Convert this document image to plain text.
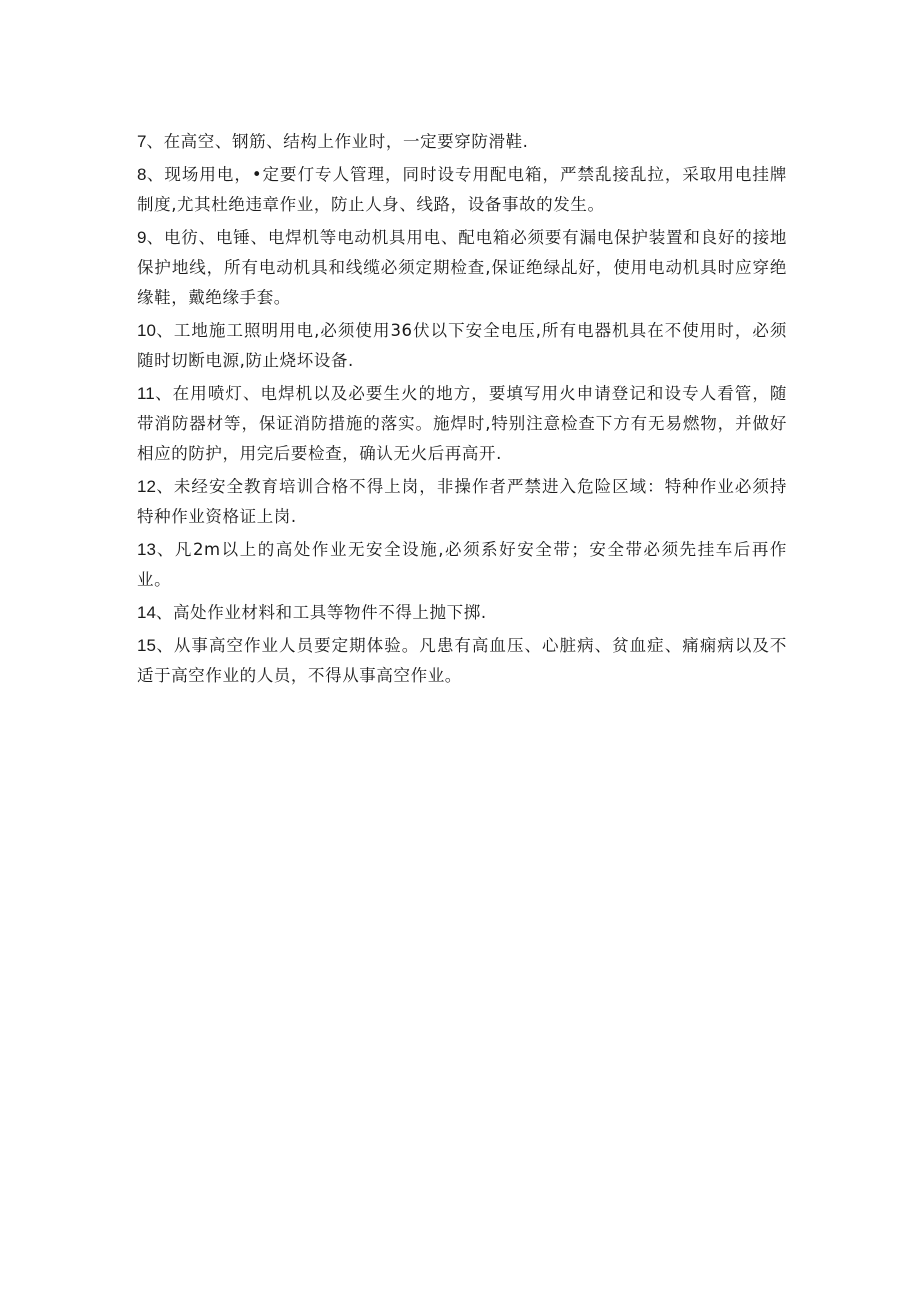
7、在高空、钢筋、结构上作业时，一定要穿防滑鞋.

8、现场用电，•定要仃专人管理，同时设专用配电箱，严禁乱接乱拉，采取用电挂牌制度,尤其杜绝违章作业，防止人身、线路，设备事故的发生。

9、电彷、电锤、电焊机等电动机具用电、配电箱必须要有漏电保护装置和良好的接地保护地线，所有电动机具和线缆必须定期检查,保证绝绿乩好，使用电动机具时应穿绝缘鞋，戴绝缘手套。

10、工地施工照明用电,必须使用36伏以下安全电压,所有电器机具在不使用时，必须随时切断电源,防止烧坏设备.

11、在用喷灯、电焊机以及必要生火的地方，要填写用火申请登记和设专人看管，随带消防器材等，保证消防措施的落实。施焊时,特别注意检查下方有无易燃物，并做好相应的防护，用完后要检查，确认无火后再高开.

12、未经安全教育培训合格不得上岗，非操作者严禁进入危险区域：特种作业必须持特种作业资格证上岗.

13、凡2m以上的高处作业无安全设施,必须系好安全带；安全带必须先挂车后再作业。

14、高处作业材料和工具等物件不得上抛下掷.

15、从事高空作业人员要定期体验。凡患有高血压、心脏病、贫血症、痛痫病以及不适于高空作业的人员，不得从事高空作业。
